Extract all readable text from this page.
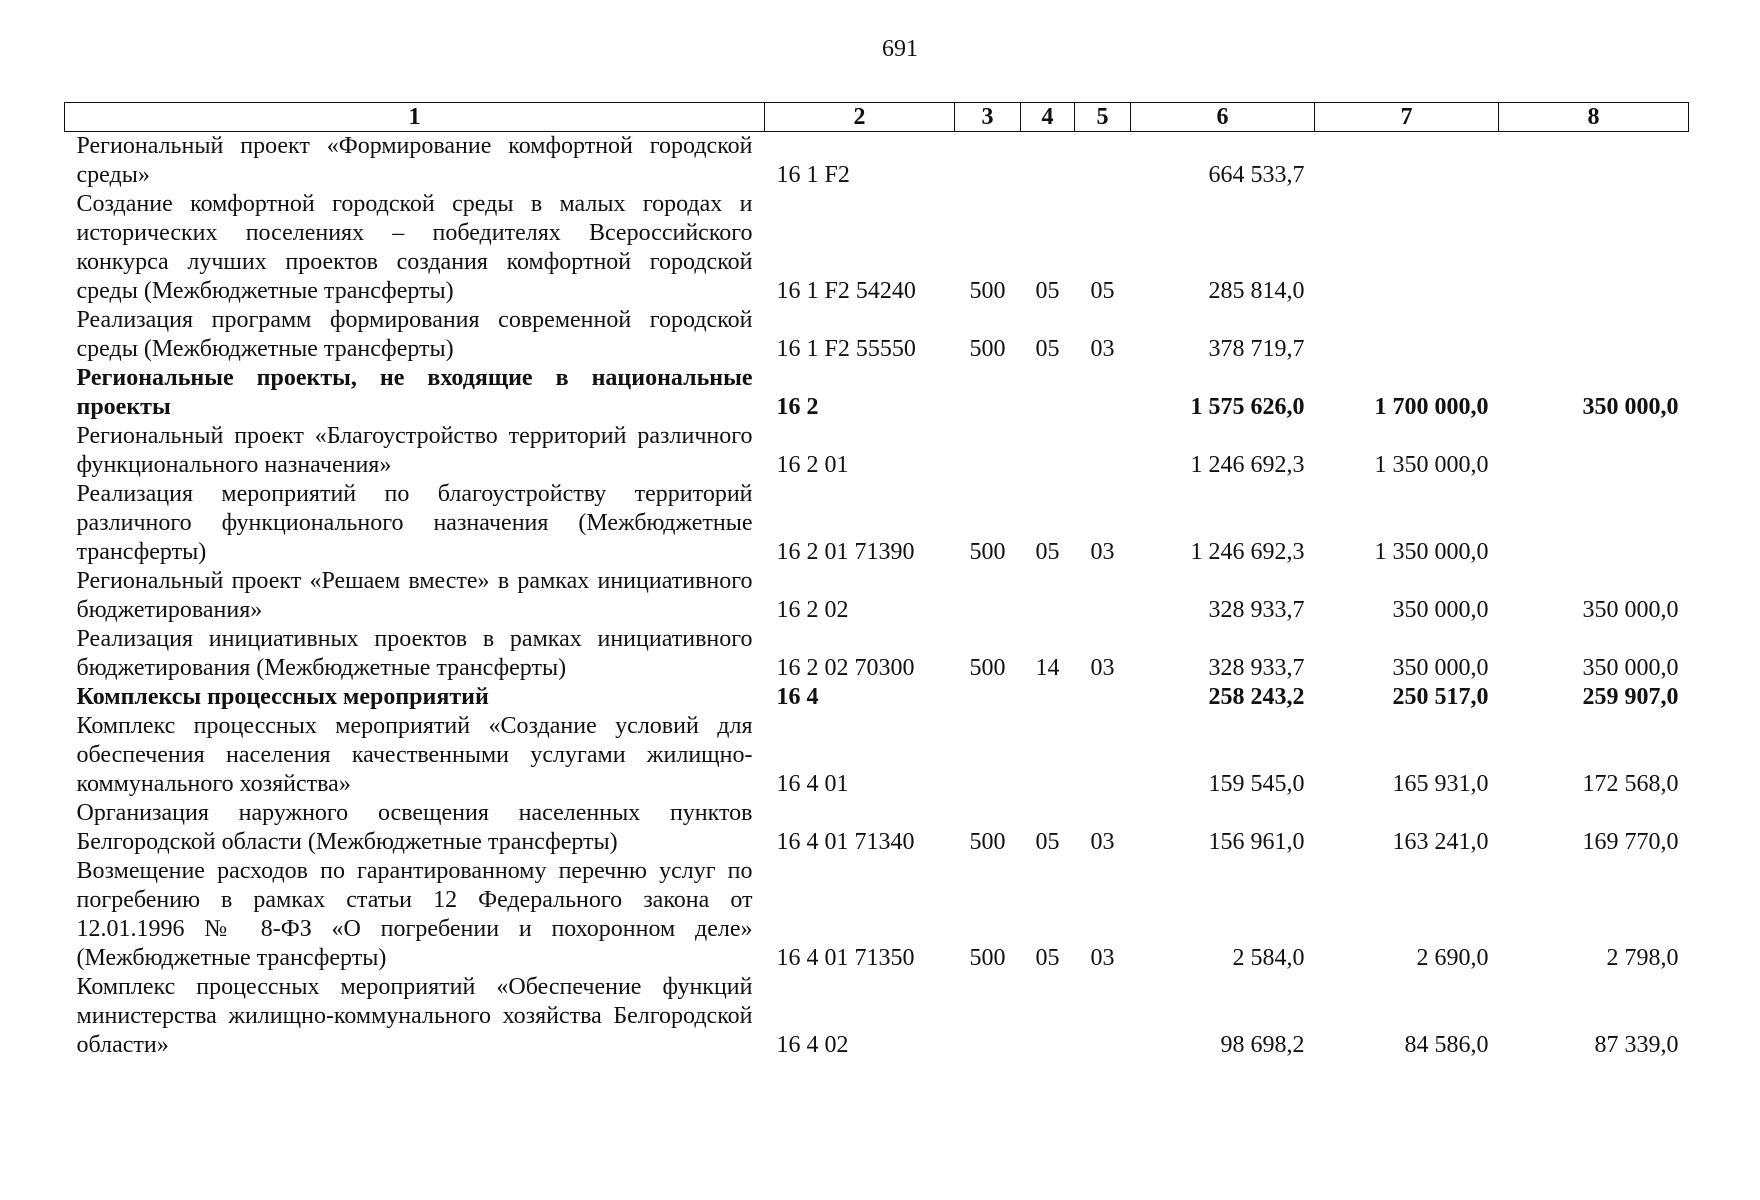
691
1	2	3	4	5	6	7	8
Региональный проект «Формирование комфортной городской среды»	16 1 F2				664 533,7		
Создание комфортной городской среды в малых городах и исторических поселениях – победителях Всероссийского конкурса лучших проектов создания комфортной городской среды (Межбюджетные трансферты)	16 1 F2 54240	500	05	05	285 814,0		
Реализация программ формирования современной городской среды (Межбюджетные трансферты)	16 1 F2 55550	500	05	03	378 719,7		
Региональные проекты, не входящие в национальные проекты	16 2				1 575 626,0	1 700 000,0	350 000,0
Региональный проект «Благоустройство территорий различного функционального назначения»	16 2 01				1 246 692,3	1 350 000,0	
Реализация мероприятий по благоустройству территорий различного функционального назначения (Межбюджетные трансферты)	16 2 01 71390	500	05	03	1 246 692,3	1 350 000,0	
Региональный проект «Решаем вместе» в рамках инициативного бюджетирования»	16 2 02				328 933,7	350 000,0	350 000,0
Реализация инициативных проектов в рамках инициативного бюджетирования (Межбюджетные трансферты)	16 2 02 70300	500	14	03	328 933,7	350 000,0	350 000,0
Комплексы процессных мероприятий	16 4				258 243,2	250 517,0	259 907,0
Комплекс процессных мероприятий «Создание условий для обеспечения населения качественными услугами жилищно-коммунального хозяйства»	16 4 01				159 545,0	165 931,0	172 568,0
Организация наружного освещения населенных пунктов Белгородской области (Межбюджетные трансферты)	16 4 01 71340	500	05	03	156 961,0	163 241,0	169 770,0
Возмещение расходов по гарантированному перечню услуг по погребению в рамках статьи 12 Федерального закона от 12.01.1996 № 8-ФЗ «О погребении и похоронном деле» (Межбюджетные трансферты)	16 4 01 71350	500	05	03	2 584,0	2 690,0	2 798,0
Комплекс процессных мероприятий «Обеспечение функций министерства жилищно-коммунального хозяйства Белгородской области»	16 4 02				98 698,2	84 586,0	87 339,0
